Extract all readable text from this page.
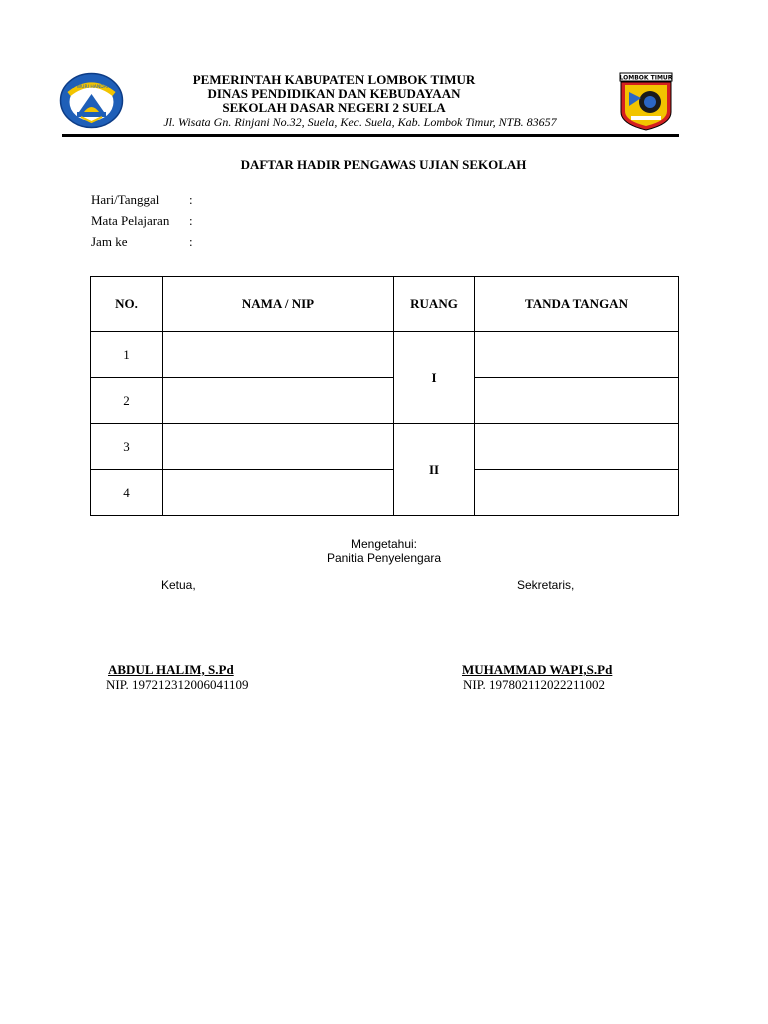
TUT WURI HANDAYANI
LOMBOK TIMUR
PEMERINTAH KABUPATEN LOMBOK TIMUR
DINAS PENDIDIKAN DAN KEBUDAYAAN
SEKOLAH DASAR NEGERI 2 SUELA
Jl. Wisata Gn. Rinjani No.32, Suela, Kec. Suela, Kab. Lombok Timur, NTB. 83657
DAFTAR HADIR PENGAWAS UJIAN SEKOLAH
Hari/Tanggal :
Mata Pelajaran :
Jam ke	:
NO.	NAMA / NIP	RUANG	TANDA TANGAN
1		I	
2			
3		II	
4			
Mengetahui:
Panitia Penyelengara
Ketua,	Sekretaris,
ABDUL HALIM, S.Pd
NIP. 197212312006041109
MUHAMMAD WAPI,S.Pd
NIP. 197802112022211002
